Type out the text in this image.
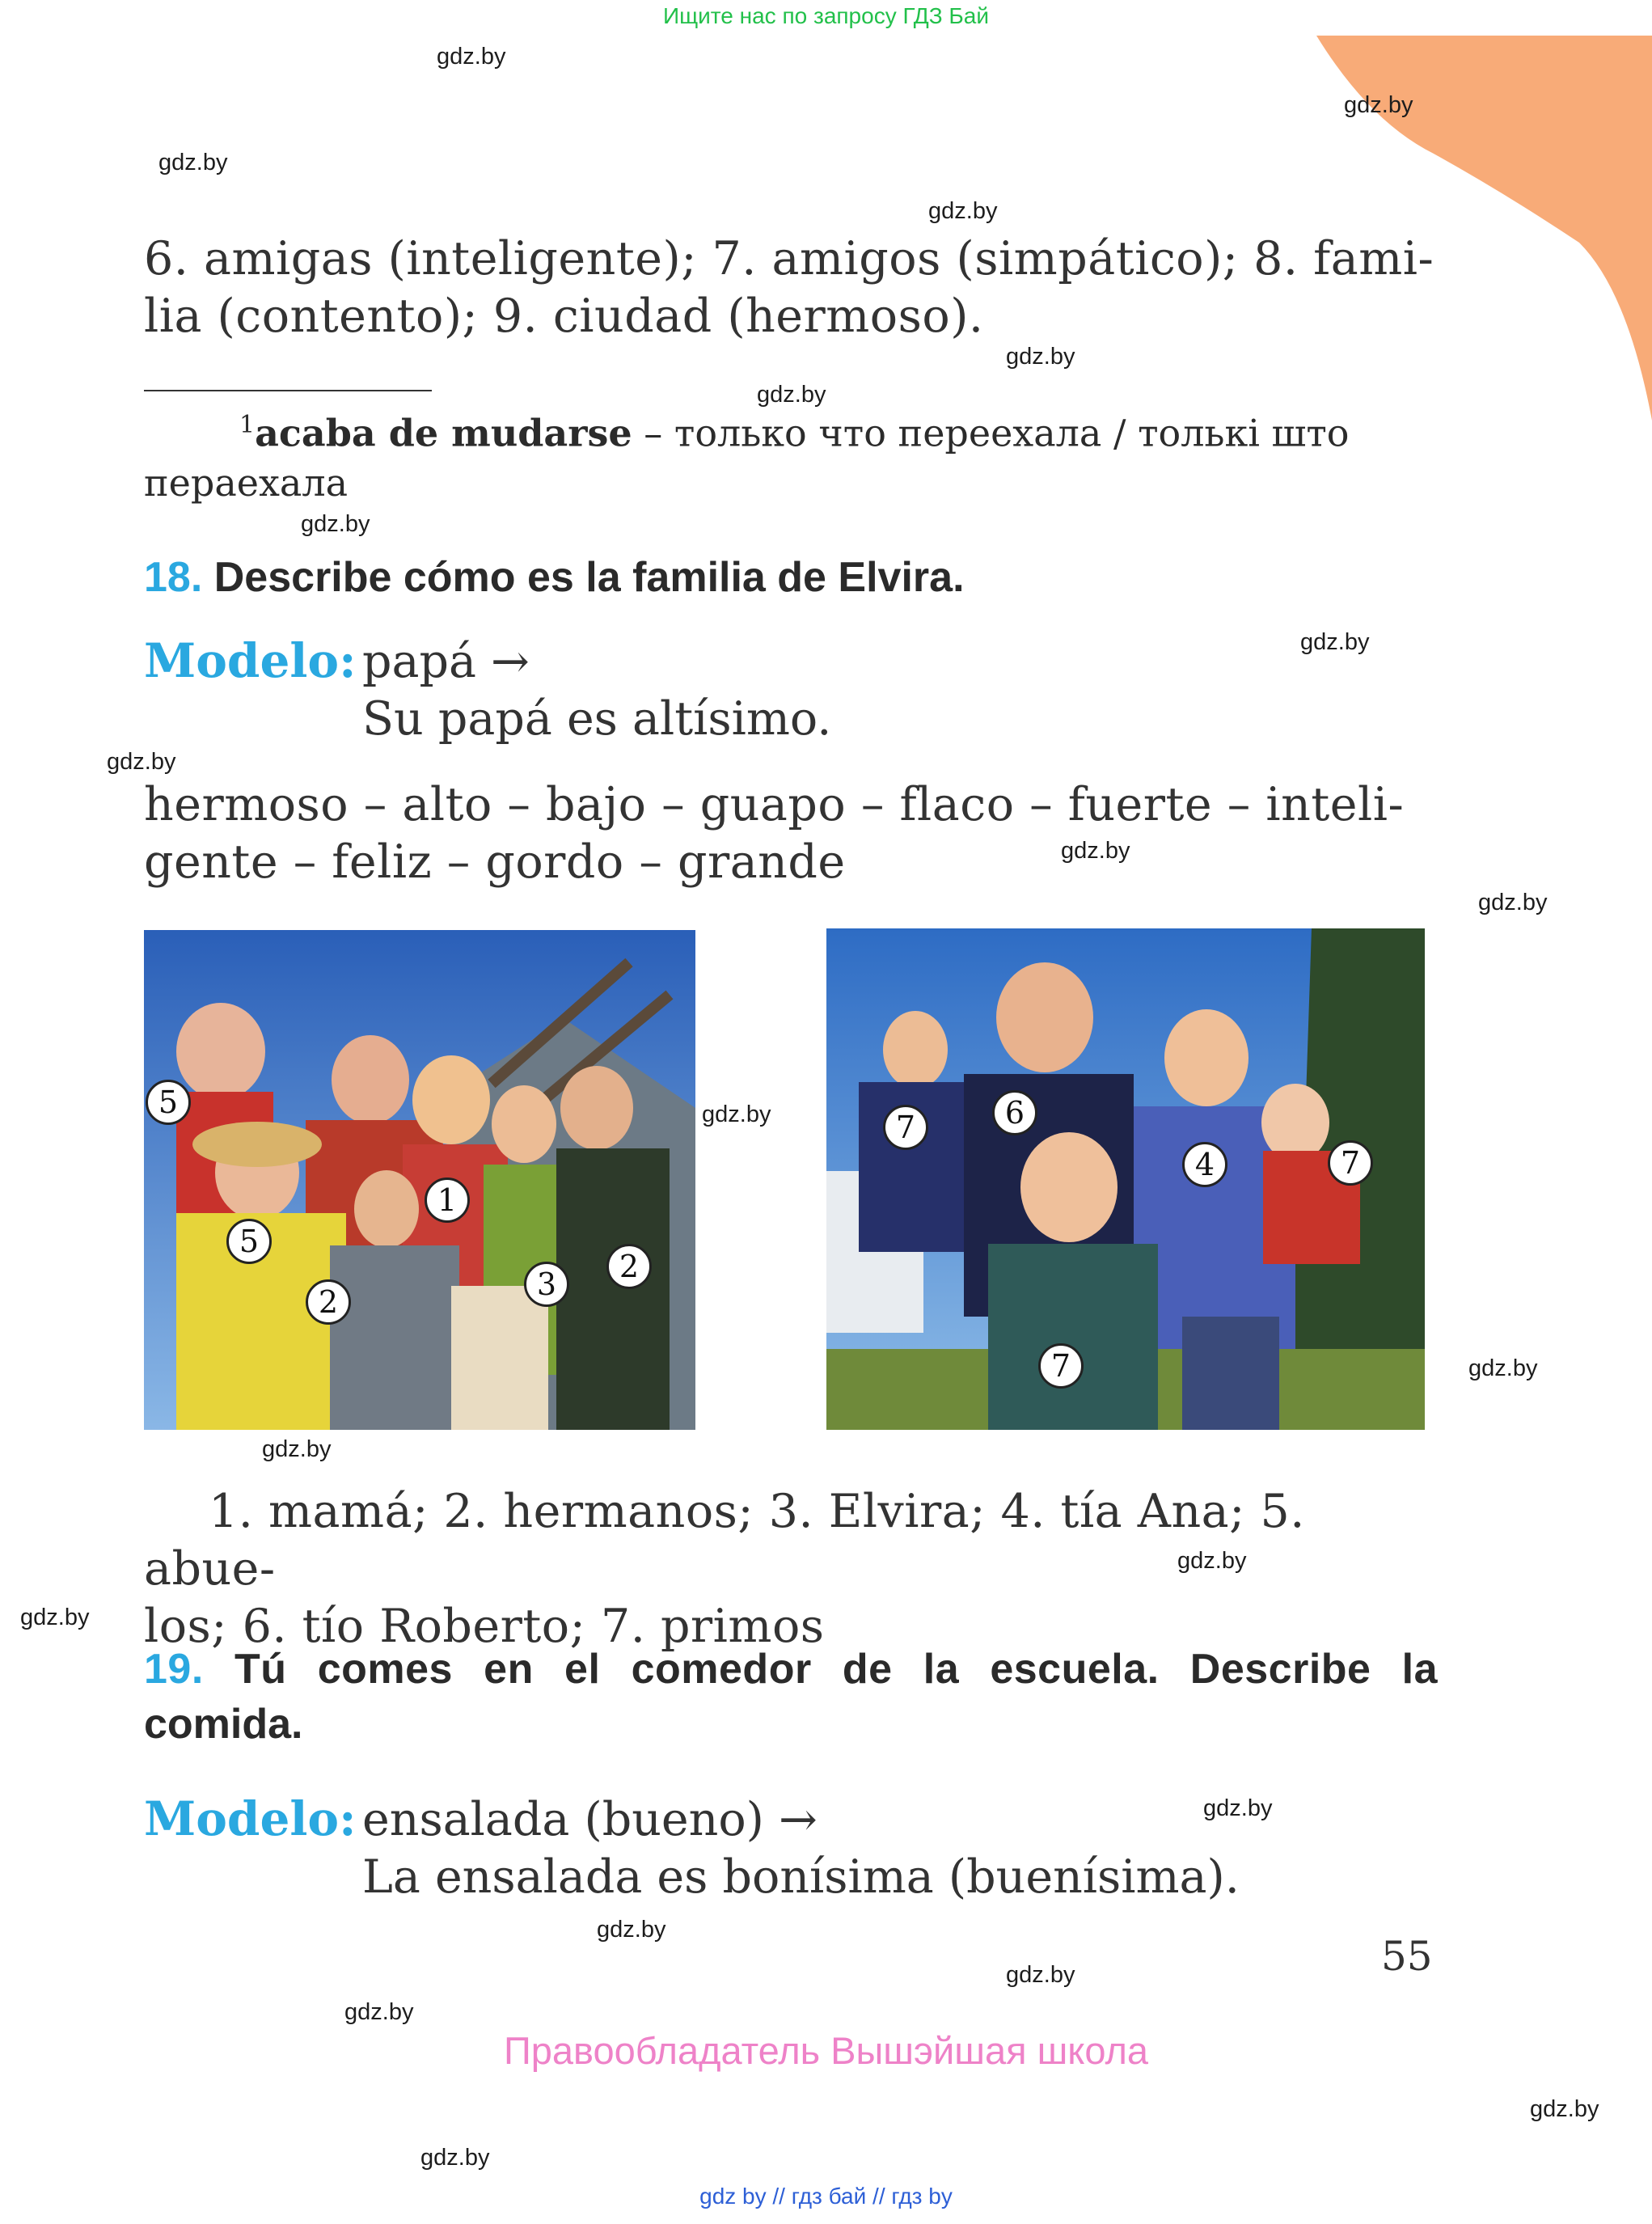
Ищите нас по запросу ГДЗ Бай
gdz.by
gdz.by
gdz.by
gdz.by
gdz.by
gdz.by
gdz.by
gdz.by
gdz.by
gdz.by
gdz.by
gdz.by
gdz.by
gdz.by
gdz.by
gdz.by
gdz.by
gdz.by
gdz.by
gdz.by
gdz.by
gdz.by
6. amigas (inteligente); 7. amigos (simpático); 8. fami-
lia (contento); 9. ciudad (hermoso).
$^1$acaba de mudarse – только что переехала / толькі што
пераехала
18. Describe cómo es la familia de Elvira.
Modelo: papá →
Su papá es altísimo.
hermoso – alto – bajo – guapo – flaco – fuerte – inteli-
gente – feliz – gordo – grande
5
5
1
2	3	2
7	6
4	7
7
1. mamá; 2. hermanos; 3. Elvira; 4. tía Ana; 5. abue-
los; 6. tío Roberto; 7. primos
19. Tú comes en el comedor de la escuela. Describe la
comida.
Modelo: ensalada (bueno) →
La ensalada es bonísima (buenísima).
55
Правообладатель Вышэйшая школа
gdz by // гдз бай // гдз by
